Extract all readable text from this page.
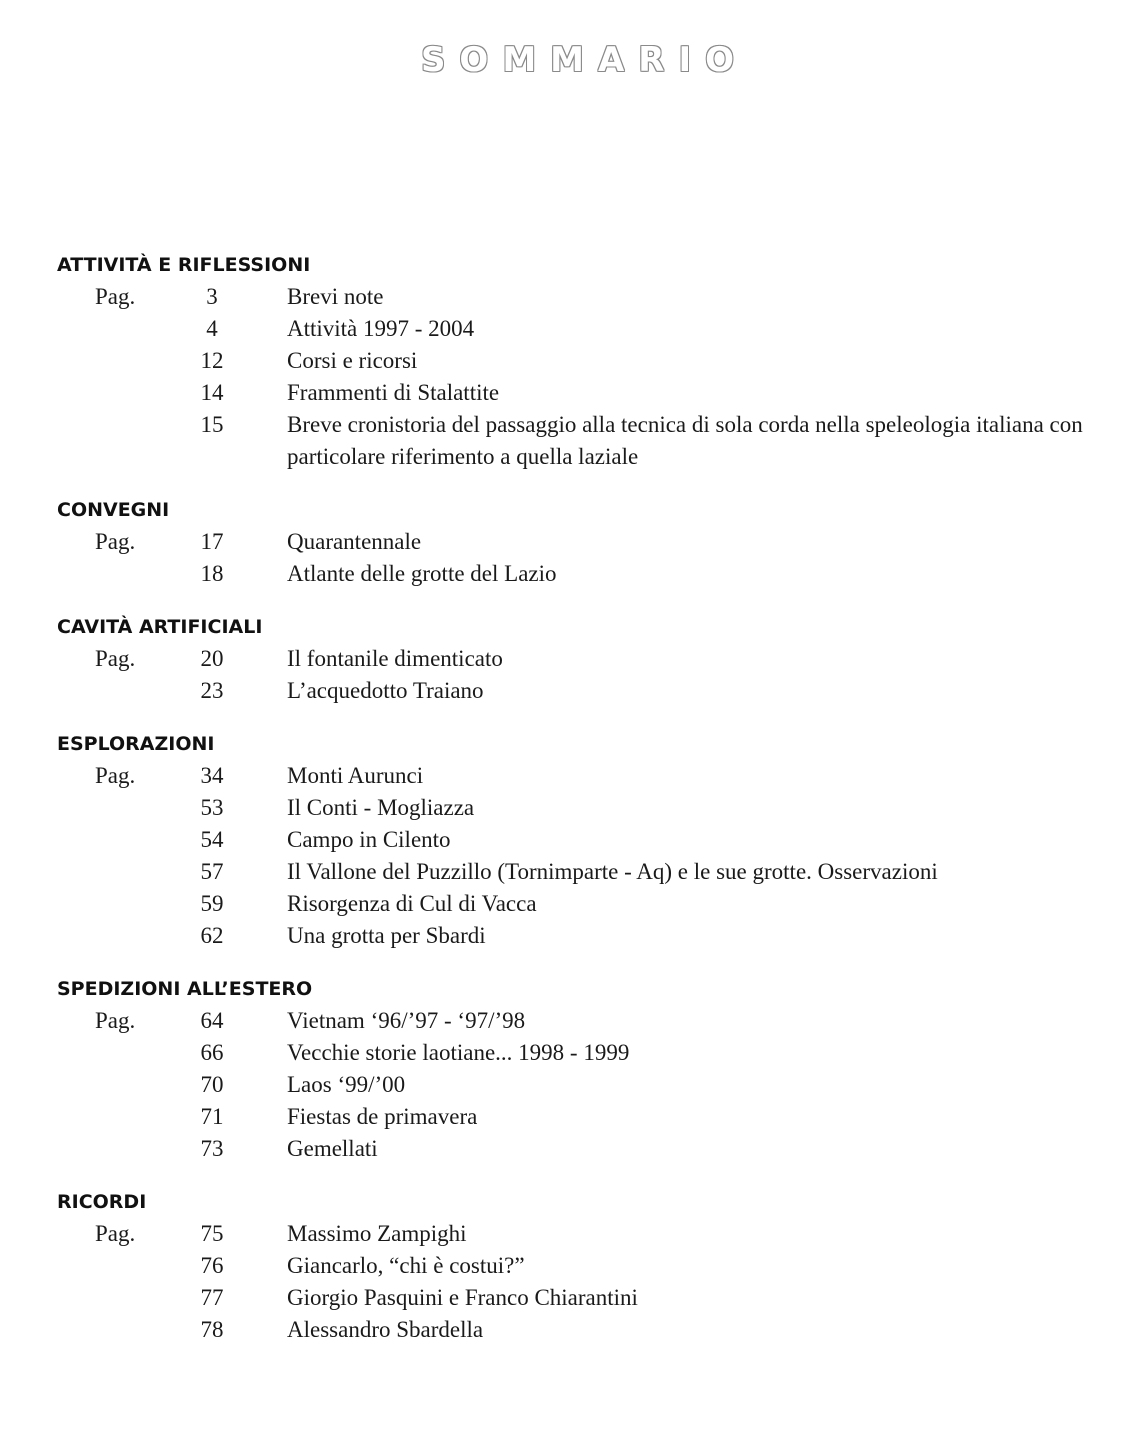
SOMMARIO
ATTIVITÀ E RIFLESSIONI
Pag.	3	Brevi note
4	Attività 1997 - 2004
12	Corsi e ricorsi
14	Frammenti di Stalattite
15	Breve cronistoria del passaggio alla tecnica di sola corda nella speleologia italiana con particolare riferimento a quella laziale
CONVEGNI
Pag.	17	Quarantennale
18	Atlante delle grotte del Lazio
CAVITÀ ARTIFICIALI
Pag.	20	Il fontanile dimenticato
23	L’acquedotto Traiano
ESPLORAZIONI
Pag.	34	Monti Aurunci
53	Il Conti - Mogliazza
54	Campo in Cilento
57	Il Vallone del Puzzillo (Tornimparte - Aq) e le sue grotte. Osservazioni
59	Risorgenza di Cul di Vacca
62	Una grotta per Sbardi
SPEDIZIONI ALL’ESTERO
Pag.	64	Vietnam ‘96/’97 - ‘97/’98
66	Vecchie storie laotiane... 1998 - 1999
70	Laos ‘99/’00
71	Fiestas de primavera
73	Gemellati
RICORDI
Pag.	75	Massimo Zampighi
76	Giancarlo, “chi è costui?”
77	Giorgio Pasquini e Franco Chiarantini
78	Alessandro Sbardella
